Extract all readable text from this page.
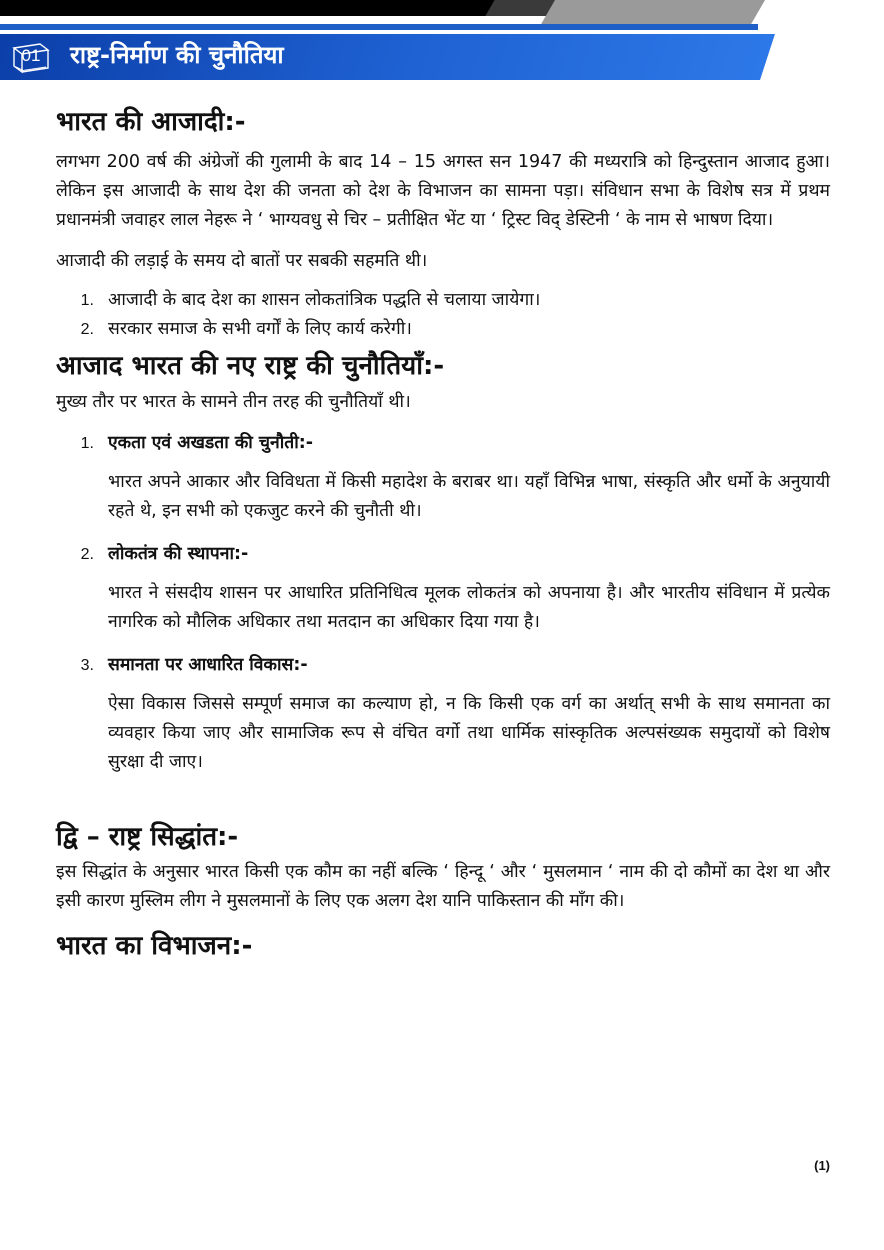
01	राष्ट्र-निर्माण की चुनौतिया
भारत की आजादी:-

लगभग 200 वर्ष की अंग्रेजों की गुलामी के बाद 14 – 15 अगस्त सन 1947 की मध्यरात्रि को हिन्दुस्तान आजाद हुआ। लेकिन इस आजादी के साथ देश की जनता को देश के विभाजन का सामना पड़ा। संविधान सभा के विशेष सत्र में प्रथम प्रधानमंत्री जवाहर लाल नेहरू ने ‘ भाग्यवधु से चिर – प्रतीक्षित भेंट या ‘ ट्रिस्ट विद् डेस्टिनी ‘ के नाम से भाषण दिया।

आजादी की लड़ाई के समय दो बातों पर सबकी सहमति थी।

1. आजादी के बाद देश का शासन लोकतांत्रिक पद्धति से चलाया जायेगा।
2. सरकार समाज के सभी वर्गों के लिए कार्य करेगी।
आजाद भारत की नए राष्ट्र की चुनौतियाँ:-

मुख्य तौर पर भारत के सामने तीन तरह की चुनौतियाँ थी।

1. एकता एवं अखडता की चुनौती:-

भारत अपने आकार और विविधता में किसी महादेश के बराबर था। यहाँ विभिन्न भाषा, संस्कृति और धर्मो के अनुयायी रहते थे, इन सभी को एकजुट करने की चुनौती थी।

2. लोकतंत्र की स्थापना:-

भारत ने संसदीय शासन पर आधारित प्रतिनिधित्व मूलक लोकतंत्र को अपनाया है। और भारतीय संविधान में प्रत्येक नागरिक को मौलिक अधिकार तथा मतदान का अधिकार दिया गया है।

3. समानता पर आधारित विकास:-

ऐसा विकास जिससे सम्पूर्ण समाज का कल्याण हो, न कि किसी एक वर्ग का अर्थात् सभी के साथ समानता का व्यवहार किया जाए और सामाजिक रूप से वंचित वर्गो तथा धार्मिक सांस्कृतिक अल्पसंख्यक समुदायों को विशेष सुरक्षा दी जाए।

द्वि – राष्ट्र सिद्धांत:-

इस सिद्धांत के अनुसार भारत किसी एक कौम का नहीं बल्कि ‘ हिन्दू ‘ और ‘ मुसलमान ‘ नाम की दो कौमों का देश था और इसी कारण मुस्लिम लीग ने मुसलमानों के लिए एक अलग देश यानि पाकिस्तान की माँग की।

भारत का विभाजन:-
(1)
